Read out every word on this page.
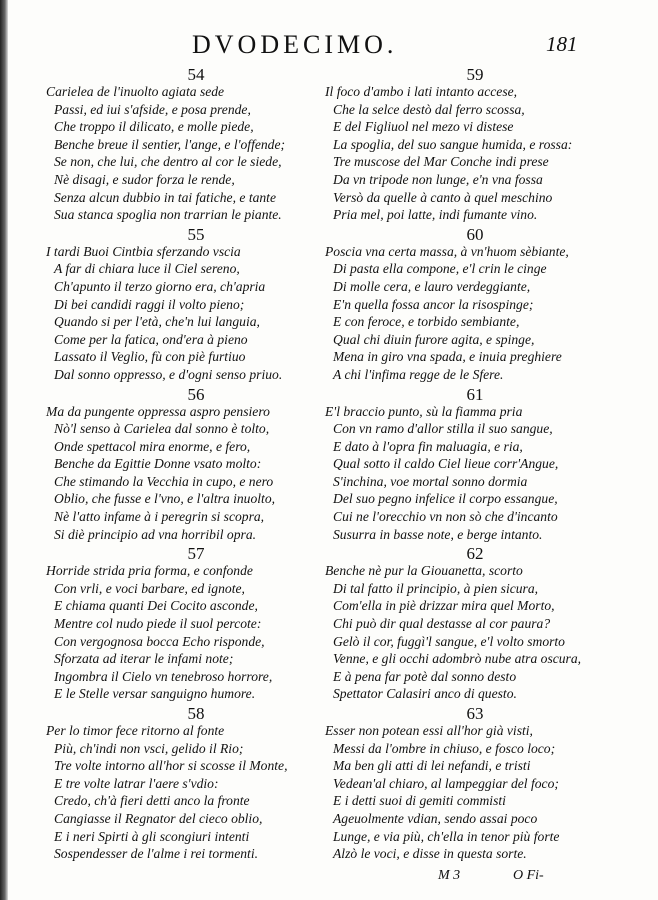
DVODECIMO.	181
54
Carielea de l'inuolto agiata sede
Passi, ed iui s'afside, e posa prende,
Che troppo il dilicato, e molle piede,
Benche breue il sentier, l'ange, e l'offende;
Se non, che lui, che dentro al cor le siede,
Nè disagi, e sudor forza le rende,
Senza alcun dubbio in tai fatiche, e tante
Sua stanca spoglia non trarrian le piante.
55
I tardi Buoi Cintbia sferzando vscia
A far di chiara luce il Ciel sereno,
Ch'apunto il terzo giorno era, ch'apria
Di bei candidi raggi il volto pieno;
Quando si per l'età, che'n lui languia,
Come per la fatica, ond'era à pieno
Lassato il Veglio, fù con piè furtiuo
Dal sonno oppresso, e d'ogni senso priuo.
56
Ma da pungente oppressa aspro pensiero
Nò'l senso à Carielea dal sonno è tolto,
Onde spettacol mira enorme, e fero,
Benche da Egittie Donne vsato molto:
Che stimando la Vecchia in cupo, e nero
Oblio, che fusse e l'vno, e l'altra inuolto,
Nè l'atto infame à i peregrin si scopra,
Si diè principio ad vna horribil opra.
57
Horride strida pria forma, e confonde
Con vrli, e voci barbare, ed ignote,
E chiama quanti Dei Cocito asconde,
Mentre col nudo piede il suol percote:
Con vergognosa bocca Echo risponde,
Sforzata ad iterar le infami note;
Ingombra il Cielo vn tenebroso horrore,
E le Stelle versar sanguigno humore.
58
Per lo timor fece ritorno al fonte
Più, ch'indi non vsci, gelido il Rio;
Tre volte intorno all'hor si scosse il Monte,
E tre volte latrar l'aere s'vdio:
Credo, ch'à fieri detti anco la fronte
Cangiasse il Regnator del cieco oblio,
E i neri Spirti à gli scongiuri intenti
Sospendesser de l'alme i rei tormenti.
59
Il foco d'ambo i lati intanto accese,
Che la selce destò dal ferro scossa,
E del Figliuol nel mezo vi distese
La spoglia, del suo sangue humida, e rossa:
Tre muscose del Mar Conche indi prese
Da vn tripode non lunge, e'n vna fossa
Versò da quelle à canto à quel meschino
Pria mel, poi latte, indi fumante vino.
60
Poscia vna certa massa, à vn'huom sèbiante,
Di pasta ella compone, e'l crin le cinge
Di molle cera, e lauro verdeggiante,
E'n quella fossa ancor la risospinge;
E con feroce, e torbido sembiante,
Qual chi diuin furore agita, e spinge,
Mena in giro vna spada, e inuia preghiere
A chi l'infima regge de le Sfere.
61
E'l braccio punto, sù la fiamma pria
Con vn ramo d'allor stilla il suo sangue,
E dato à l'opra fin maluagia, e ria,
Qual sotto il caldo Ciel lieue corr'Angue,
S'inchina, voe mortal sonno dormia
Del suo pegno infelice il corpo essangue,
Cui ne l'orecchio vn non sò che d'incanto
Susurra in basse note, e berge intanto.
62
Benche nè pur la Giouanetta, scorto
Di tal fatto il principio, à pien sicura,
Com'ella in piè drizzar mira quel Morto,
Chi può dir qual destasse al cor paura?
Gelò il cor, fuggì'l sangue, e'l volto smorto
Venne, e gli occhi adombrò nube atra oscura,
E à pena far potè dal sonno desto
Spettator Calasiri anco di questo.
63
Esser non potean essi all'hor già visti,
Messi da l'ombre in chiuso, e fosco loco;
Ma ben gli atti di lei nefandi, e tristi
Vedean'al chiaro, al lampeggiar del foco;
E i detti suoi di gemiti commisti
Ageuolmente vdian, sendo assai poco
Lunge, e via più, ch'ella in tenor più forte
Alzò le voci, e disse in questa sorte.
M 3	O Fi-
